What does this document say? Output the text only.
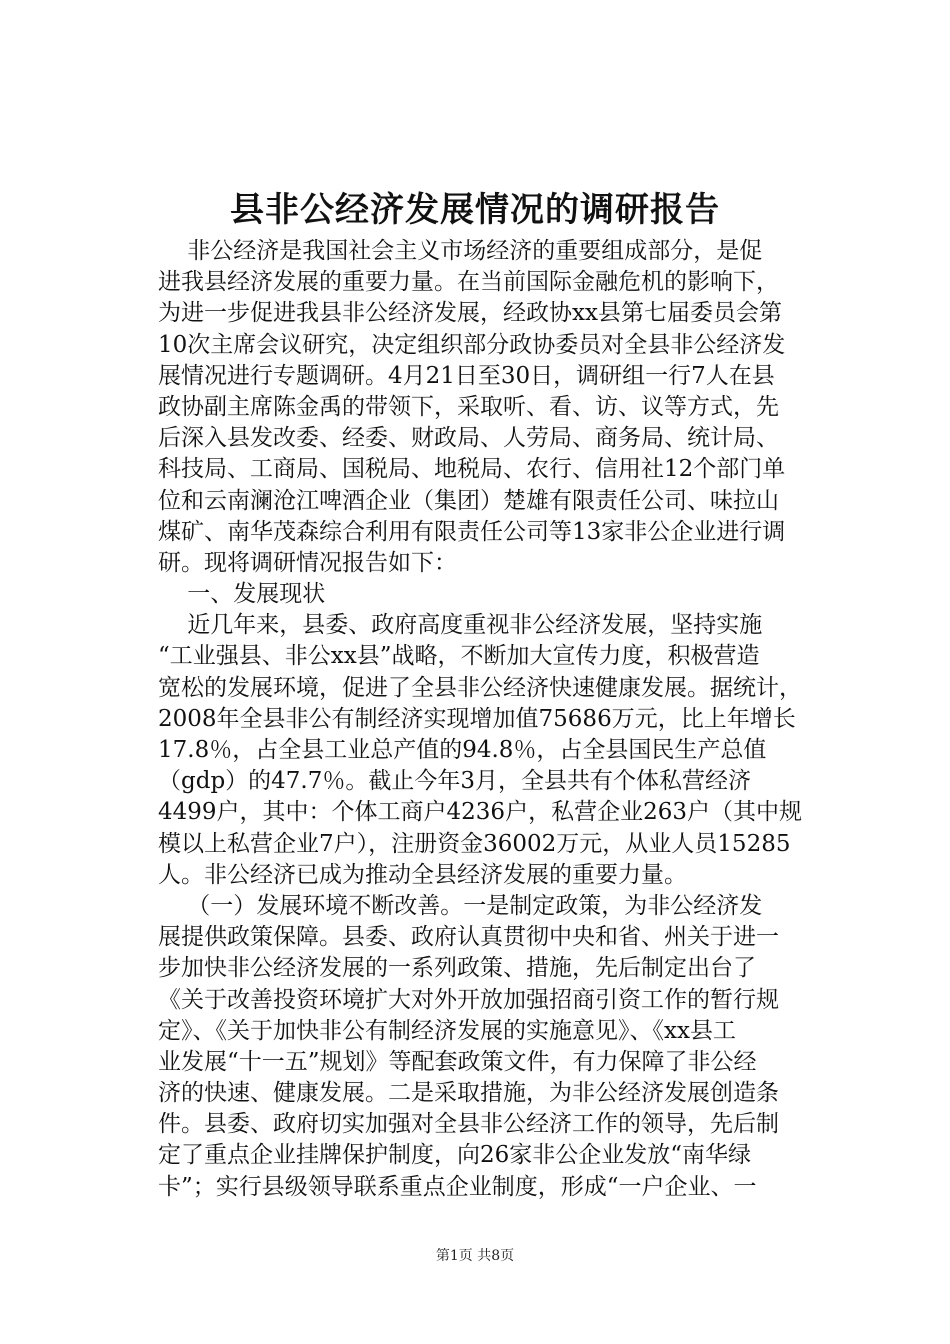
县非公经济发展情况的调研报告
非公经济是我国社会主义市场经济的重要组成部分，是促
进我县经济发展的重要力量。在当前国际金融危机的影响下，
为进一步促进我县非公经济发展，经政协xx县第七届委员会第
10次主席会议研究，决定组织部分政协委员对全县非公经济发
展情况进行专题调研。4月21日至30日，调研组一行7人在县
政协副主席陈金禹的带领下，采取听、看、访、议等方式，先
后深入县发改委、经委、财政局、人劳局、商务局、统计局、
科技局、工商局、国税局、地税局、农行、信用社12个部门单
位和云南澜沧江啤酒企业（集团）楚雄有限责任公司、味拉山
煤矿、南华茂森综合利用有限责任公司等13家非公企业进行调
研。现将调研情况报告如下：
一、发展现状
近几年来，县委、政府高度重视非公经济发展，坚持实施
“工业强县、非公xx县”战略，不断加大宣传力度，积极营造
宽松的发展环境，促进了全县非公经济快速健康发展。据统计，
2008年全县非公有制经济实现增加值75686万元，比上年增长
17.8％，占全县工业总产值的94.8％，占全县国民生产总值
（gdp）的47.7％。截止今年3月，全县共有个体私营经济
4499户，其中：个体工商户4236户，私营企业263户（其中规
模以上私营企业7户），注册资金36002万元，从业人员15285
人。非公经济已成为推动全县经济发展的重要力量。
（一）发展环境不断改善。一是制定政策，为非公经济发
展提供政策保障。县委、政府认真贯彻中央和省、州关于进一
步加快非公经济发展的一系列政策、措施，先后制定出台了
《关于改善投资环境扩大对外开放加强招商引资工作的暂行规
定》、《关于加快非公有制经济发展的实施意见》、《xx县工
业发展“十一五”规划》等配套政策文件，有力保障了非公经
济的快速、健康发展。二是采取措施，为非公经济发展创造条
件。县委、政府切实加强对全县非公经济工作的领导，先后制
定了重点企业挂牌保护制度，向26家非公企业发放“南华绿
卡”；实行县级领导联系重点企业制度，形成“一户企业、一
第1页 共8页
